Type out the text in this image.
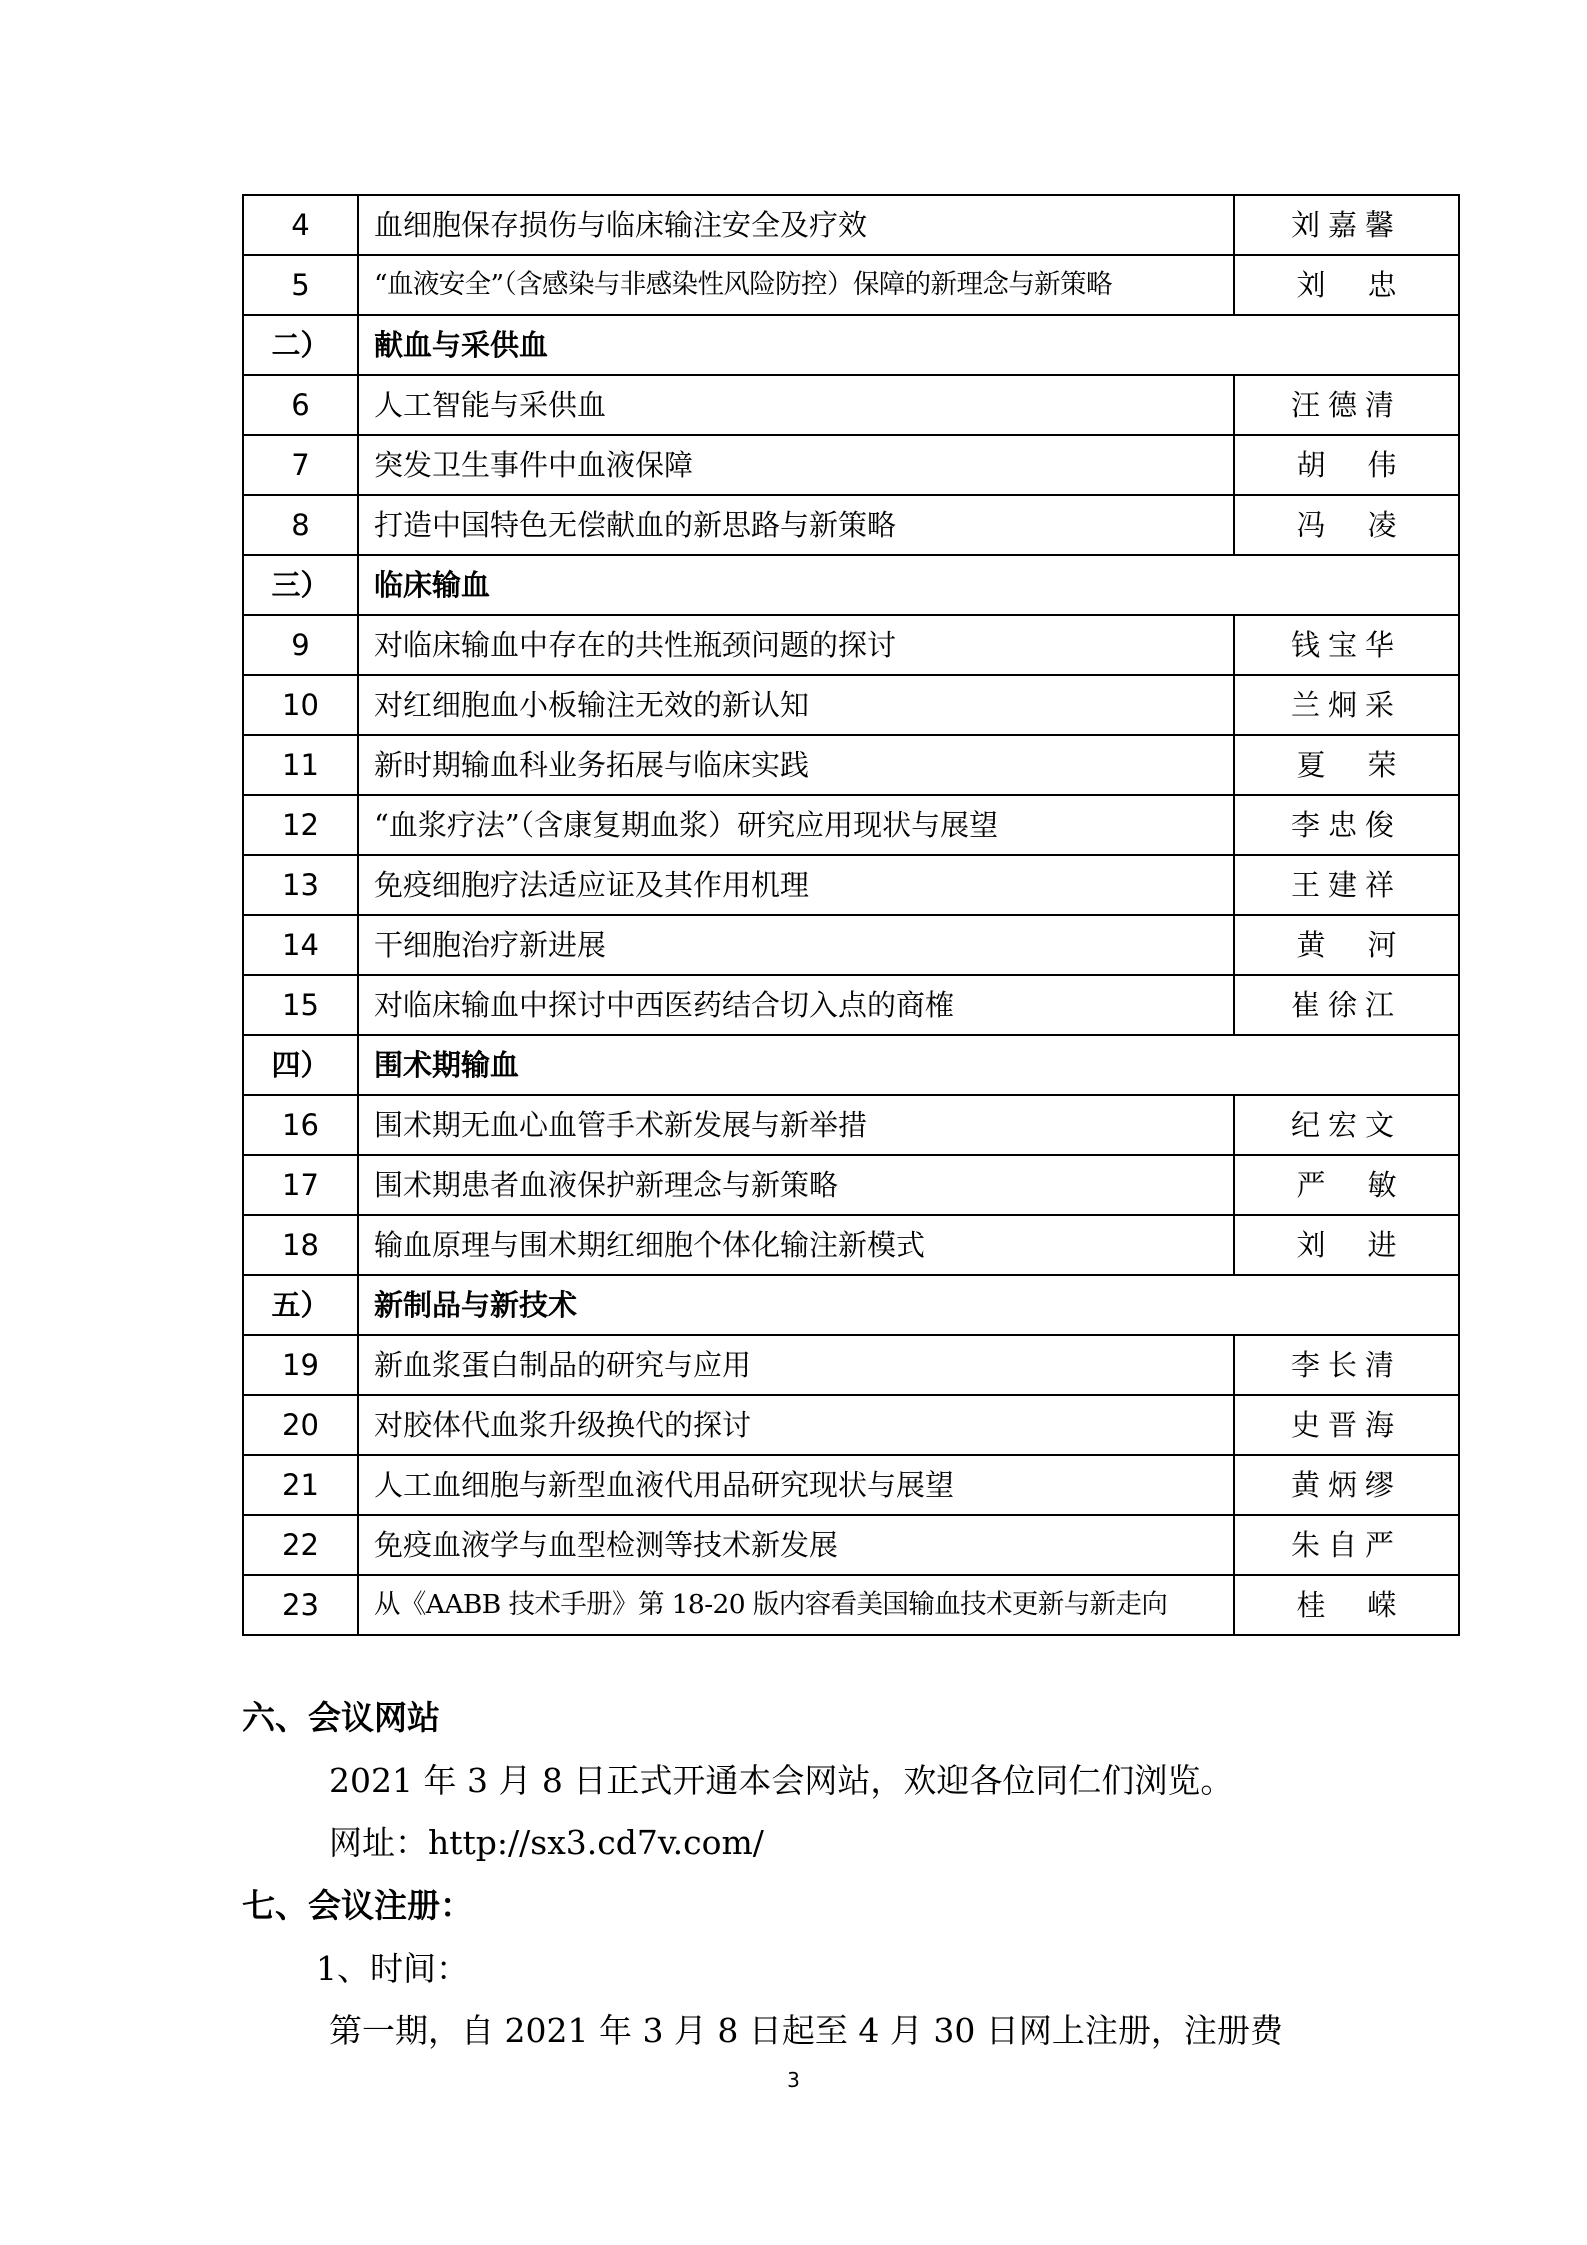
4	血细胞保存损伤与临床输注安全及疗效	刘嘉馨
5	“血液安全”（含感染与非感染性风险防控）保障的新理念与新策略	刘忠
二）	献血与采供血	
6	人工智能与采供血	汪德清
7	突发卫生事件中血液保障	胡伟
8	打造中国特色无偿献血的新思路与新策略	冯凌
三）	临床输血	
9	对临床输血中存在的共性瓶颈问题的探讨	钱宝华
10	对红细胞血小板输注无效的新认知	兰炯采
11	新时期输血科业务拓展与临床实践	夏荣
12	“血浆疗法”（含康复期血浆）研究应用现状与展望	李忠俊
13	免疫细胞疗法适应证及其作用机理	王建祥
14	干细胞治疗新进展	黄河
15	对临床输血中探讨中西医药结合切入点的商榷	崔徐江
四）	围术期输血	
16	围术期无血心血管手术新发展与新举措	纪宏文
17	围术期患者血液保护新理念与新策略	严敏
18	输血原理与围术期红细胞个体化输注新模式	刘进
五）	新制品与新技术	
19	新血浆蛋白制品的研究与应用	李长清
20	对胶体代血浆升级换代的探讨	史晋海
21	人工血细胞与新型血液代用品研究现状与展望	黄炳缪
22	免疫血液学与血型检测等技术新发展	朱自严
23	从《AABB 技术手册》第 18-20 版内容看美国输血技术更新与新走向	桂嵘
六、会议网站
2021 年 3 月 8 日正式开通本会网站，欢迎各位同仁们浏览。
网址：http://sx3.cd7v.com/
七、会议注册：
1、时间：
第一期，自 2021 年 3 月 8 日起至 4 月 30 日网上注册，注册费
3
